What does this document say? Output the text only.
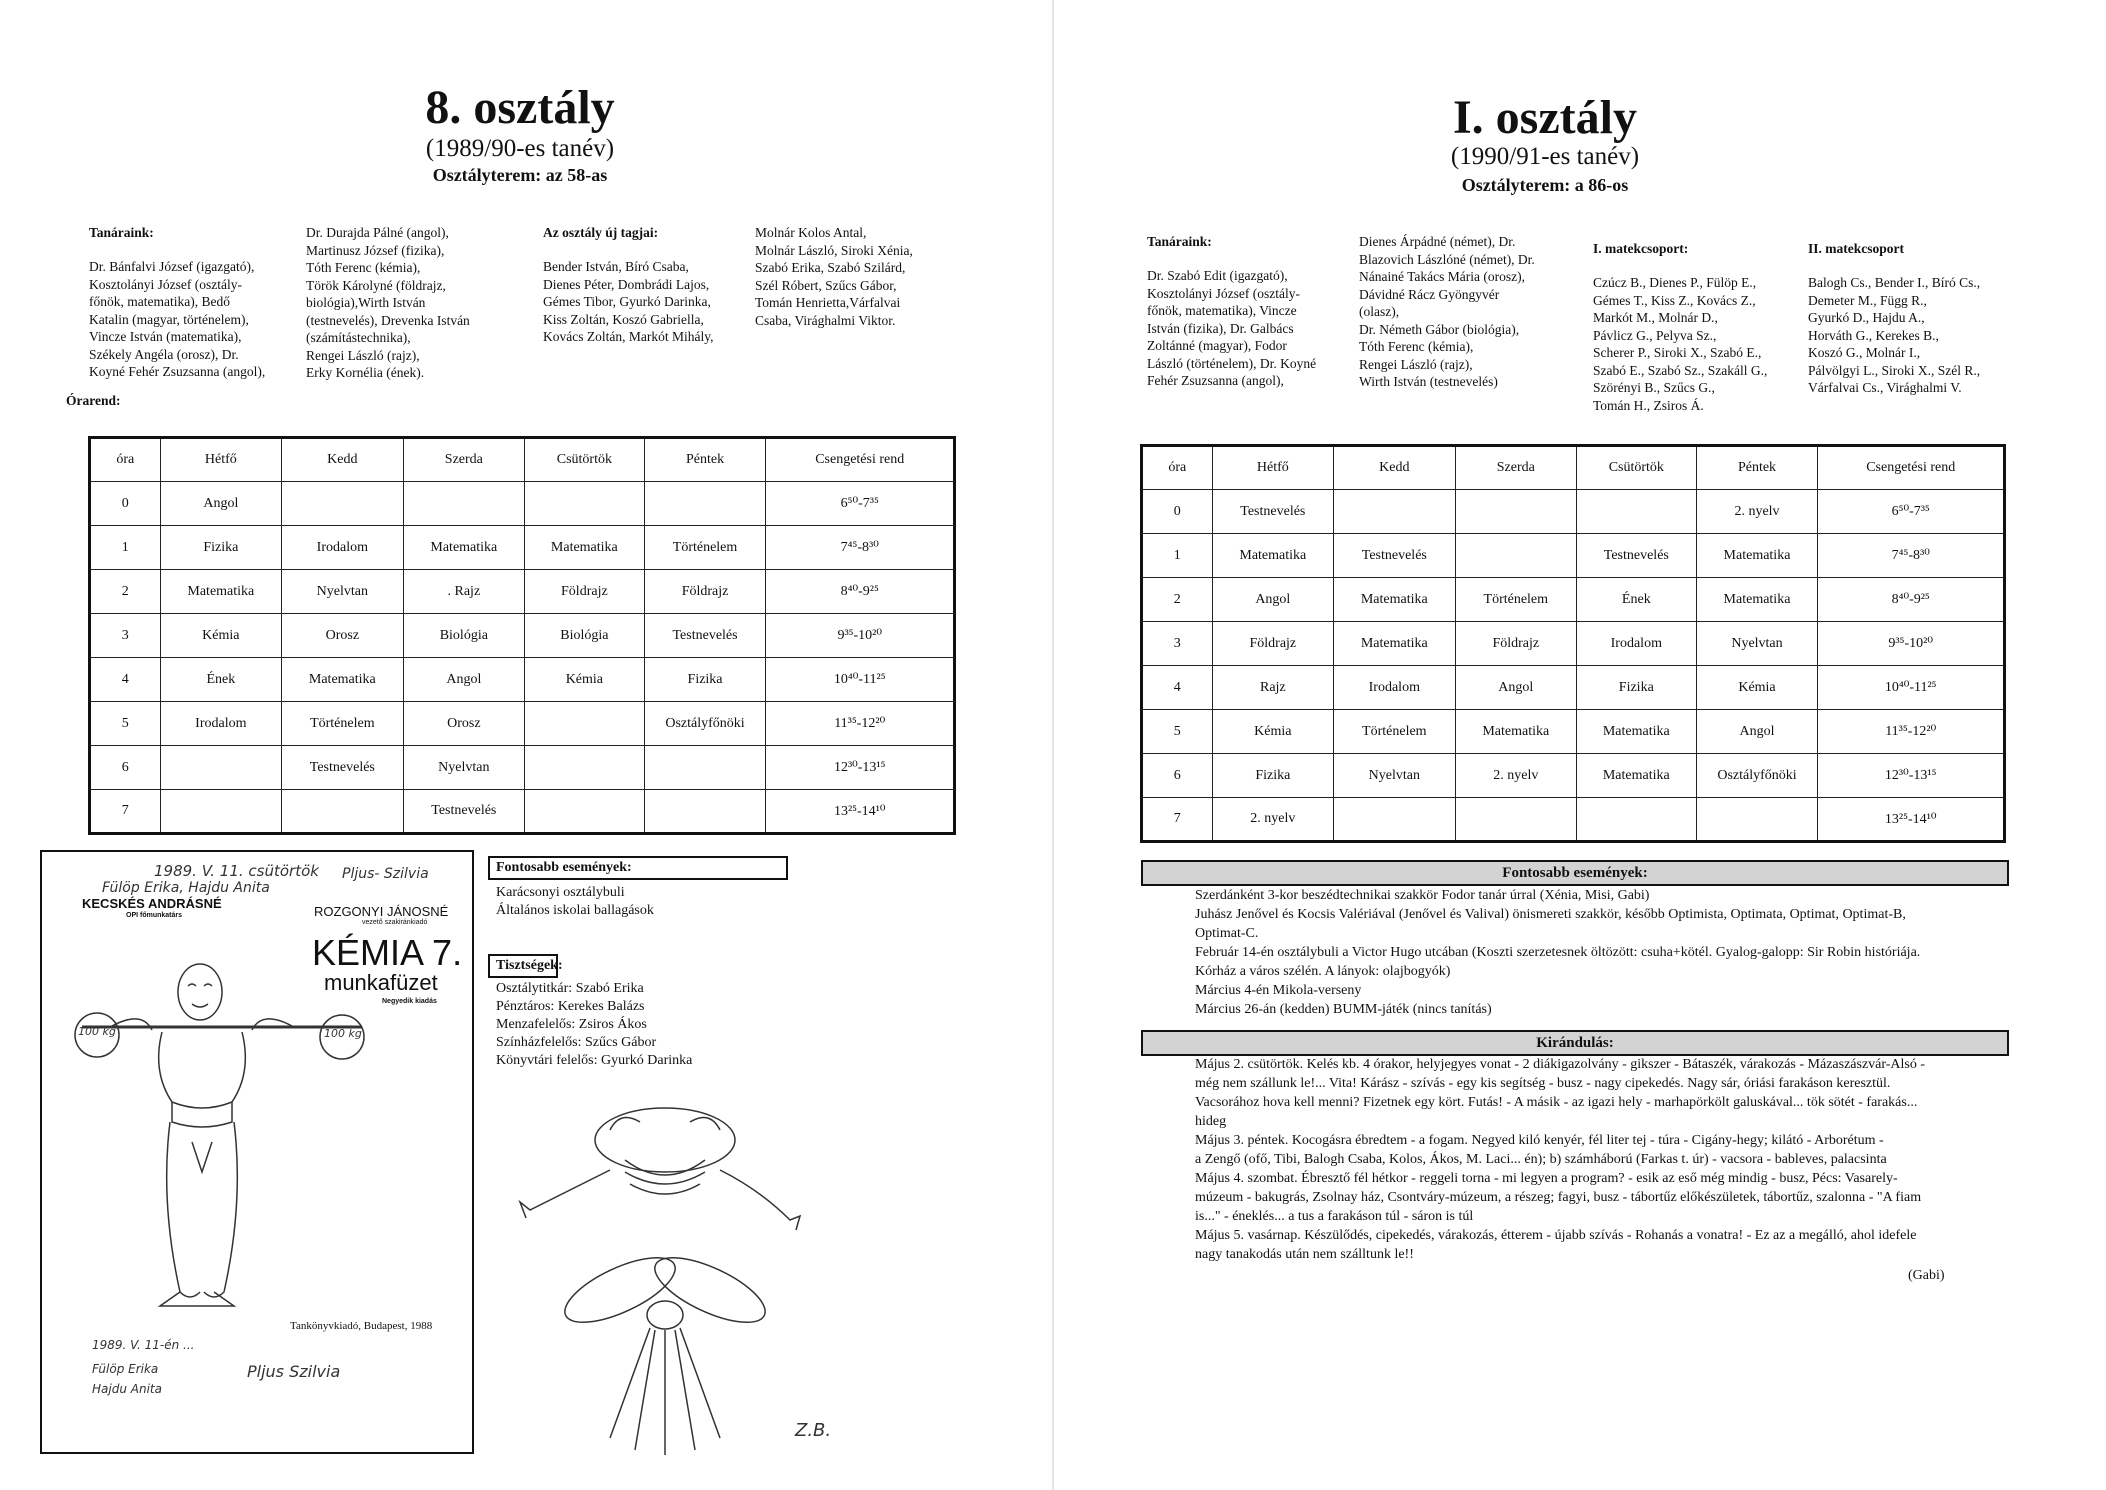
8. osztály
(1989/90-es tanév)
Osztályterem: az 58-as
Tanáraink:
Dr. Bánfalvi József (igazgató),
Kosztolányi József (osztály-
főnök, matematika), Bedő
Katalin (magyar, történelem),
Vincze István (matematika),
Székely Angéla (orosz), Dr.
Koyné Fehér Zsuzsanna (angol),
Dr. Durajda Pálné (angol),
Martinusz József (fizika),
Tóth Ferenc (kémia),
Török Károlyné (földrajz,
biológia),Wirth István
(testnevelés), Drevenka István
(számítástechnika),
Rengei László (rajz),
Erky Kornélia (ének).
Az osztály új tagjai:
Bender István, Bíró Csaba,
Dienes Péter, Dombrádi Lajos,
Gémes Tibor, Gyurkó Darinka,
Kiss Zoltán, Koszó Gabriella,
Kovács Zoltán, Markót Mihály,
Molnár Kolos Antal,
Molnár László, Siroki Xénia,
Szabó Erika, Szabó Szilárd,
Szél Róbert, Szűcs Gábor,
Tomán Henrietta,Várfalvai
Csaba, Virághalmi Viktor.
Órarend:
óra	Hétfő	Kedd	Szerda	Csütörtök	Péntek	Csengetési rend
0	Angol					6⁵⁰-7³⁵
1	Fizika	Irodalom	Matematika	Matematika	Történelem	7⁴⁵-8³⁰
2	Matematika	Nyelvtan	. Rajz	Földrajz	Földrajz	8⁴⁰-9²⁵
3	Kémia	Orosz	Biológia	Biológia	Testnevelés	9³⁵-10²⁰
4	Ének	Matematika	Angol	Kémia	Fizika	10⁴⁰-11²⁵
5	Irodalom	Történelem	Orosz		Osztályfőnöki	11³⁵-12²⁰
6		Testnevelés	Nyelvtan			12³⁰-13¹⁵
7			Testnevelés			13²⁵-14¹⁰
1989. V. 11. csütörtök
Fülöp Erika, Hajdu Anita
Pljus- Szilvia
KECSKÉS ANDRÁSNÉ
OPI főmunkatárs	ROZGONYI JÁNOSNÉ
vezető szakiránkiadó
KÉMIA 7.
munkafüzet
Negyedik kiadás
100 kg	100 kg
Tankönyvkiadó, Budapest, 1988
1989. V. 11-én ...
Fülöp Erika
Hajdu Anita
Pljus Szilvia
Fontosabb események:
Karácsonyi osztálybuli
Általános iskolai ballagások
Tisztségek:
Osztálytitkár: Szabó Erika
Pénztáros: Kerekes Balázs
Menzafelelős: Zsiros Ákos
Színházfelelős: Szűcs Gábor
Könyvtári felelős: Gyurkó Darinka
Z.B.
I. osztály
(1990/91-es tanév)
Osztályterem: a 86-os
Tanáraink:
Dr. Szabó Edit (igazgató),
Kosztolányi József (osztály-
főnök, matematika), Vincze
István (fizika), Dr. Galbács
Zoltánné (magyar), Fodor
László (történelem), Dr. Koyné
Fehér Zsuzsanna (angol),
Dienes Árpádné (német), Dr.
Blazovich Lászlóné (német), Dr.
Nánainé Takács Mária (orosz),
Dávidné Rácz Gyöngyvér
(olasz),
Dr. Németh Gábor (biológia),
Tóth Ferenc (kémia),
Rengei László (rajz),
Wirth István (testnevelés)
I. matekcsoport:
Czúcz B., Dienes P., Fülöp E.,
Gémes T., Kiss Z., Kovács Z.,
Markót M., Molnár D.,
Pávlicz G., Pelyva Sz.,
Scherer P., Siroki X., Szabó E.,
Szabó E., Szabó Sz., Szakáll G.,
Szörényi B., Szűcs G.,
Tomán H., Zsiros Á.
II. matekcsoport
Balogh Cs., Bender I., Bíró Cs.,
Demeter M., Függ R.,
Gyurkó D., Hajdu A.,
Horváth G., Kerekes B.,
Koszó G., Molnár I.,
Pálvölgyi L., Siroki X., Szél R.,
Várfalvai Cs., Virághalmi V.
óra	Hétfő	Kedd	Szerda	Csütörtök	Péntek	Csengetési rend
0	Testnevelés				2. nyelv	6⁵⁰-7³⁵
1	Matematika	Testnevelés		Testnevelés	Matematika	7⁴⁵-8³⁰
2	Angol	Matematika	Történelem	Ének	Matematika	8⁴⁰-9²⁵
3	Földrajz	Matematika	Földrajz	Irodalom	Nyelvtan	9³⁵-10²⁰
4	Rajz	Irodalom	Angol	Fizika	Kémia	10⁴⁰-11²⁵
5	Kémia	Történelem	Matematika	Matematika	Angol	11³⁵-12²⁰
6	Fizika	Nyelvtan	2. nyelv	Matematika	Osztályfőnöki	12³⁰-13¹⁵
7	2. nyelv					13²⁵-14¹⁰
Fontosabb események:
Szerdánként 3-kor beszédtechnikai szakkör Fodor tanár úrral (Xénia, Misi, Gabi)
Juhász Jenővel és Kocsis Valériával (Jenővel és Valival) önismereti szakkör, később Optimista, Optimata, Optimat, Optimat-B,
Optimat-C.
Február 14-én osztálybuli a Victor Hugo utcában (Koszti szerzetesnek öltözött: csuha+kötél. Gyalog-galopp: Sir Robin históriája.
Kórház a város szélén. A lányok: olajbogyók)
Március 4-én Mikola-verseny
Március 26-án (kedden) BUMM-játék (nincs tanítás)
Kirándulás:
Május 2. csütörtök. Kelés kb. 4 órakor, helyjegyes vonat - 2 diákigazolvány - gikszer - Bátaszék, várakozás - Mázaszászvár-Alsó -
még nem szállunk le!... Vita! Kárász - szívás - egy kis segítség - busz - nagy cipekedés. Nagy sár, óriási farakáson keresztül.
Vacsorához hova kell menni? Fizetnek egy kört. Futás! - A másik - az igazi hely - marhapörkölt galuskával... tök sötét - farakás...
hideg
Május 3. péntek. Kocogásra ébredtem - a fogam. Negyed kiló kenyér, fél liter tej - túra - Cigány-hegy; kilátó - Arborétum -
a Zengő (ofő, Tibi, Balogh Csaba, Kolos, Ákos, M. Laci... én); b) számháború (Farkas t. úr) - vacsora - bableves, palacsinta
Május 4. szombat. Ébresztő fél hétkor - reggeli torna - mi legyen a program? - esik az eső még mindig - busz, Pécs: Vasarely-
múzeum - bakugrás, Zsolnay ház, Csontváry-múzeum, a részeg; fagyi, busz - tábortűz előkészületek, tábortűz, szalonna - "A fiam
is..." - éneklés... a tus a farakáson túl - sáron is túl
Május 5. vasárnap. Készülődés, cipekedés, várakozás, étterem - újabb szívás - Rohanás a vonatra! - Ez az a megálló, ahol idefele
nagy tanakodás után nem szálltunk le!!
(Gabi)
